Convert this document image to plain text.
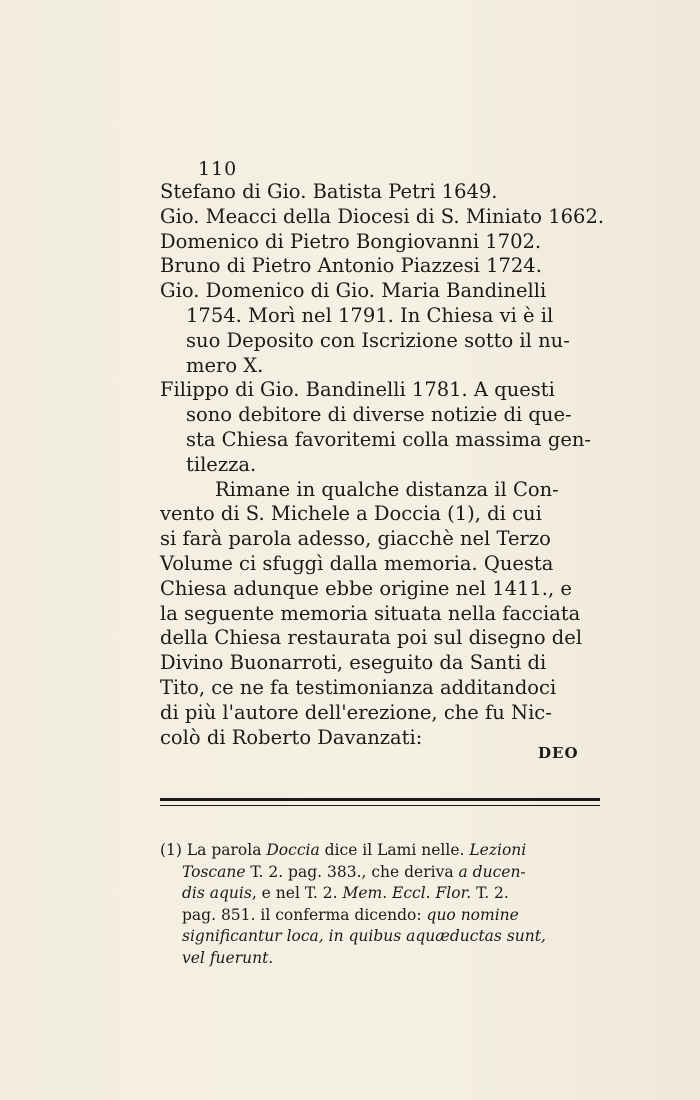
110
Stefano di Gio. Batista Petri 1649.
Gio. Meacci della Diocesi di S. Miniato 1662.
Domenico di Pietro Bongiovanni 1702.
Bruno di Pietro Antonio Piazzesi 1724.
Gio. Domenico di Gio. Maria Bandinelli
1754. Morì nel 1791. In Chiesa vi è il
suo Deposito con Iscrizione sotto il nu-
mero X.
Filippo di Gio. Bandinelli 1781. A questi
sono debitore di diverse notizie di que-
sta Chiesa favoritemi colla massima gen-
tilezza.
Rimane in qualche distanza il Con-
vento di S. Michele a Doccia (1), di cui
si farà parola adesso, giacchè nel Terzo
Volume ci sfuggì dalla memoria. Questa
Chiesa adunque ebbe origine nel 1411., e
la seguente memoria situata nella facciata
della Chiesa restaurata poi sul disegno del
Divino Buonarroti, eseguito da Santi di
Tito, ce ne fa testimonianza additandoci
di più l'autore dell'erezione, che fu Nic-
colò di Roberto Davanzati:
DEO
(1) La parola Doccia dice il Lami nelle. Lezioni
Toscane T. 2. pag. 383., che deriva a ducen-
dis aquis, e nel T. 2. Mem. Eccl. Flor. T. 2.
pag. 851. il conferma dicendo: quo nomine
significantur loca, in quibus aquæductas sunt,
vel fuerunt.
